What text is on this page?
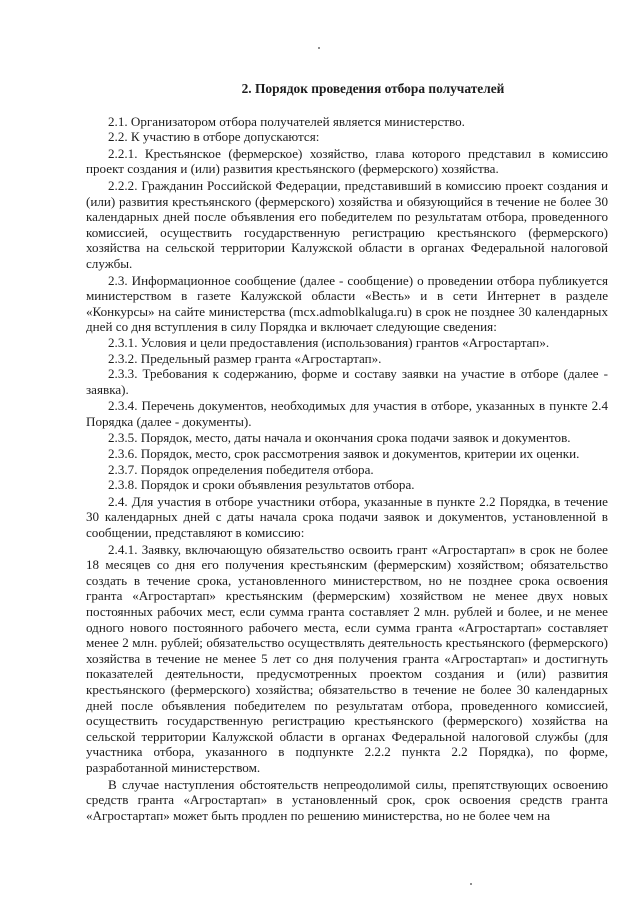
2. Порядок проведения отбора получателей

2.1. Организатором отбора получателей является министерство.

2.2. К участию в отборе допускаются:

2.2.1. Крестьянское (фермерское) хозяйство, глава которого представил в комиссию проект создания и (или) развития крестьянского (фермерского) хозяйства.

2.2.2. Гражданин Российской Федерации, представивший в комиссию проект создания и (или) развития крестьянского (фермерского) хозяйства и обязующийся в течение не более 30 календарных дней после объявления его победителем по результатам отбора, проведенного комиссией, осуществить государственную регистрацию крестьянского (фермерского) хозяйства на сельской территории Калужской области в органах Федеральной налоговой службы.

2.3. Информационное сообщение (далее - сообщение) о проведении отбора публикуется министерством в газете Калужской области «Весть» и в сети Интернет в разделе «Конкурсы» на сайте министерства (mcx.admoblkaluga.ru) в срок не позднее 30 календарных дней со дня вступления в силу Порядка и включает следующие сведения:

2.3.1. Условия и цели предоставления (использования) грантов «Агростартап».

2.3.2. Предельный размер гранта «Агростартап».

2.3.3. Требования к содержанию, форме и составу заявки на участие в отборе (далее - заявка).

2.3.4. Перечень документов, необходимых для участия в отборе, указанных в пункте 2.4 Порядка (далее - документы).

2.3.5. Порядок, место, даты начала и окончания срока подачи заявок и документов.

2.3.6. Порядок, место, срок рассмотрения заявок и документов, критерии их оценки.

2.3.7. Порядок определения победителя отбора.

2.3.8. Порядок и сроки объявления результатов отбора.

2.4. Для участия в отборе участники отбора, указанные в пункте 2.2 Порядка, в течение 30 календарных дней с даты начала срока подачи заявок и документов, установленной в сообщении, представляют в комиссию:

2.4.1. Заявку, включающую обязательство освоить грант «Агростартап» в срок не более 18 месяцев со дня его получения крестьянским (фермерским) хозяйством; обязательство создать в течение срока, установленного министерством, но не позднее срока освоения гранта «Агростартап» крестьянским (фермерским) хозяйством не менее двух новых постоянных рабочих мест, если сумма гранта составляет 2 млн. рублей и более, и не менее одного нового постоянного рабочего места, если сумма гранта «Агростартап» составляет менее 2 млн. рублей; обязательство осуществлять деятельность крестьянского (фермерского) хозяйства в течение не менее 5 лет со дня получения гранта «Агростартап» и достигнуть показателей деятельности, предусмотренных проектом создания и (или) развития крестьянского (фермерского) хозяйства; обязательство в течение не более 30 календарных дней после объявления победителем по результатам отбора, проведенного комиссией, осуществить государственную регистрацию крестьянского (фермерского) хозяйства на сельской территории Калужской области в органах Федеральной налоговой службы (для участника отбора, указанного в подпункте 2.2.2 пункта 2.2 Порядка), по форме, разработанной министерством.

В случае наступления обстоятельств непреодолимой силы, препятствующих освоению средств гранта «Агростартап» в установленный срок, срок освоения средств гранта «Агростартап» может быть продлен по решению министерства, но не более чем на
